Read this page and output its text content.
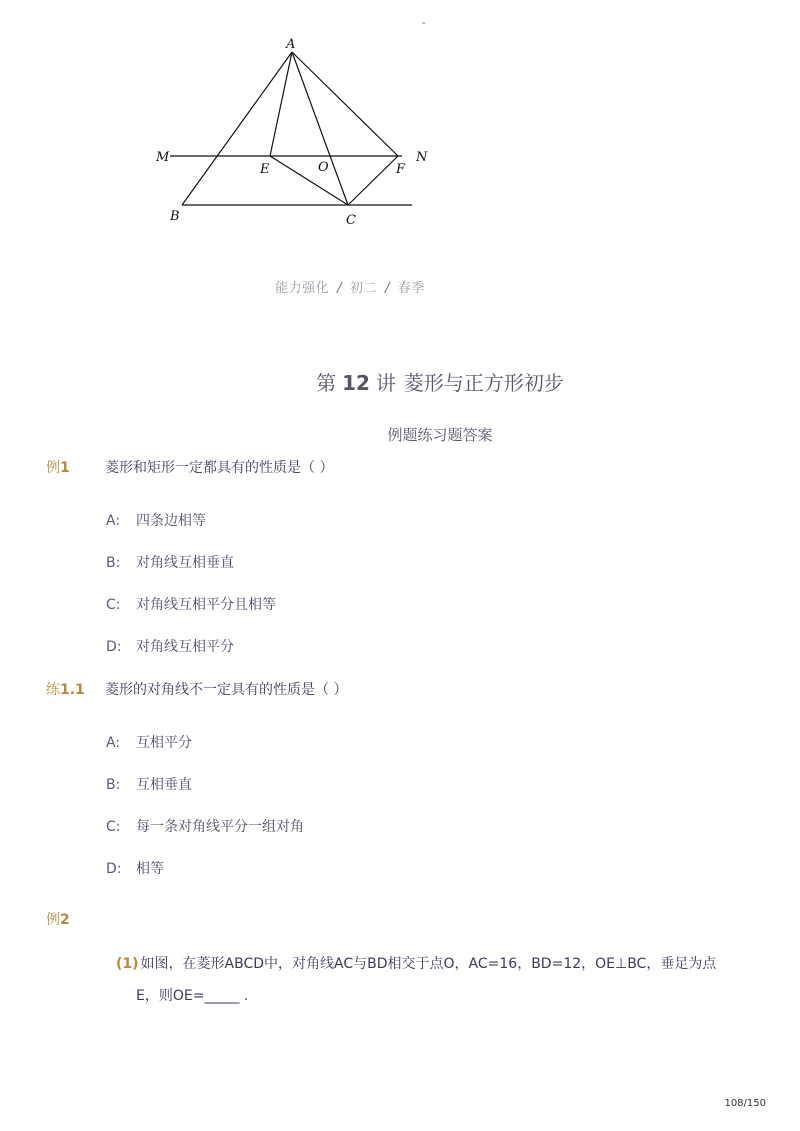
-
A
M	N
E	O	F
B	C
能力强化 / 初二 / 春季
第 12 讲 菱形与正方形初步
例题练习题答案
例1	菱形和矩形一定都具有的性质是（ ）
A: 四条边相等
B: 对角线互相垂直
C: 对角线互相平分且相等
D: 对角线互相平分
练1.1 菱形的对角线不一定具有的性质是（ ）
A: 互相平分
B: 互相垂直
C: 每一条对角线平分一组对角
D: 相等
例2
(1) 如图，在菱形ABCD中，对角线AC与BD相交于点O，AC=16，BD=12，OE⊥BC，垂足为点
E，则OE=_____ .
108/150
